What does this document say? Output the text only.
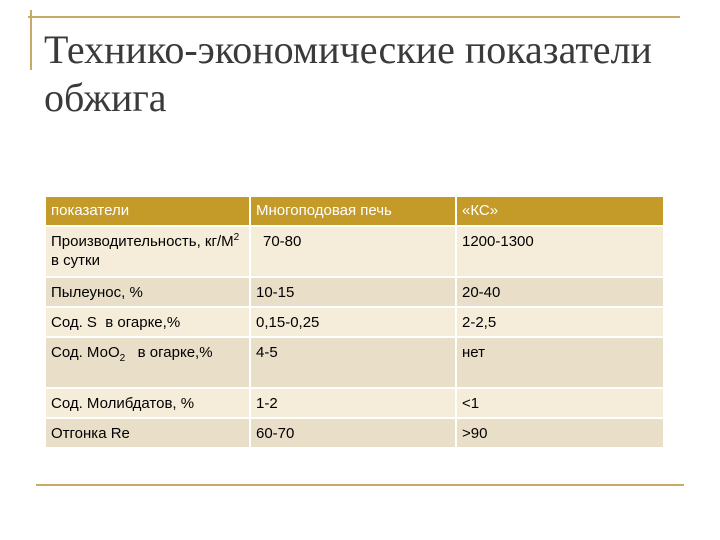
Технико-экономические показатели обжига
показатели	Многоподовая печь	«КС»
Производительность, $кг/М^2$ в сутки	70-80	1200-1300
Пылеунос, %	10-15	20-40
Сод. S  в огарке,%	0,15-0,25	2-2,5
Сод. МоО$_2$   в огарке,%	4-5	нет
Сод. Молибдатов, %	1-2	<1
Отгонка Re	60-70	>90
